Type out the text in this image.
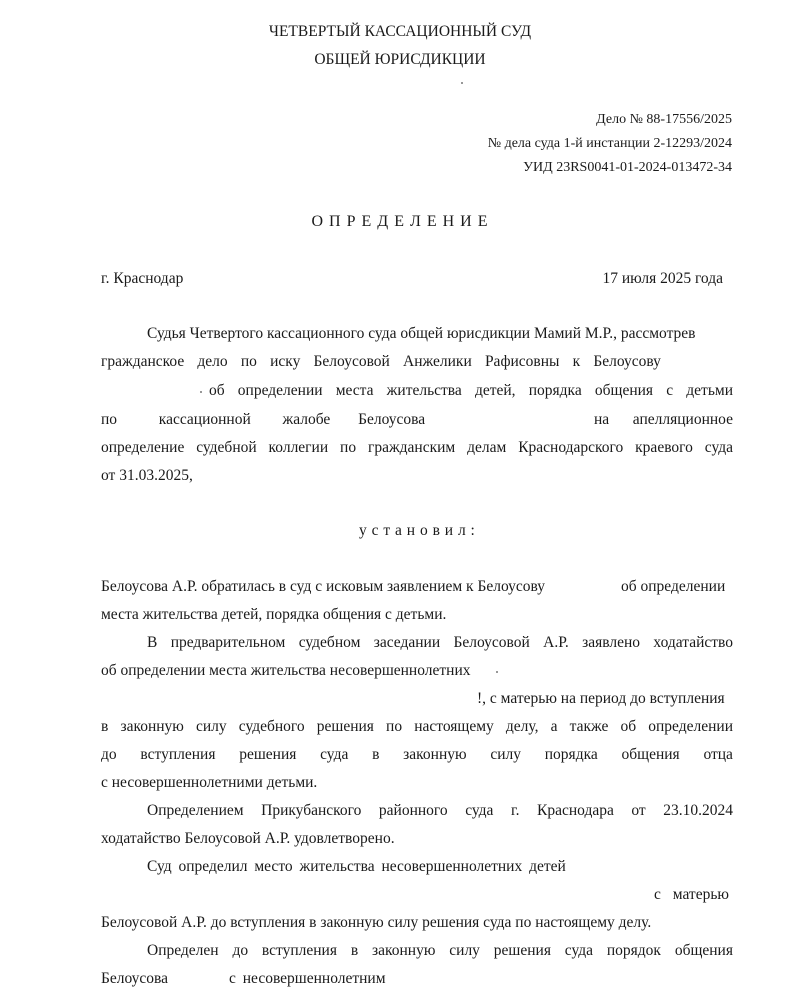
ЧЕТВЕРТЫЙ КАССАЦИОННЫЙ СУД
ОБЩЕЙ ЮРИСДИКЦИИ
Дело № 88-17556/2025
№ дела суда 1-й инстанции 2-12293/2024
УИД 23RS0041-01-2024-013472-34
О П Р Е Д Е Л Е Н И Е
г. Краснодар	17 июля 2025 года
Судья Четвертого кассационного суда общей юрисдикции Мамий М.Р., рассмотрев
гражданское дело по иску Белоусовой Анжелики Рафисовны к Белоусову
об определении места жительства детей, порядка общения с детьми
по	кассационной жалобе Белоусова	на апелляционное
определение судебной коллегии по гражданским делам Краснодарского краевого суда
от 31.03.2025,
у с т а н о в и л :
Белоусова А.Р. обратилась в суд с исковым заявлением к Белоусову	об определении
места жительства детей, порядка общения с детьми.
В предварительном судебном заседании Белоусовой А.Р. заявлено ходатайство
об определении места жительства несовершеннолетних
!, с матерью на период до вступления
в законную силу судебного решения по настоящему делу, а также об определении
до вступления решения суда в законную силу порядка общения отца
с несовершеннолетними детьми.
Определением Прикубанского районного суда г. Краснодара от 23.10.2024
ходатайство Белоусовой А.Р. удовлетворено.
Суд определил место жительства несовершеннолетних детей
с матерью
Белоусовой А.Р. до вступления в законную силу решения суда по настоящему делу.
Определен до вступления в законную силу решения суда порядок общения
Белоусова	с несовершеннолетним
